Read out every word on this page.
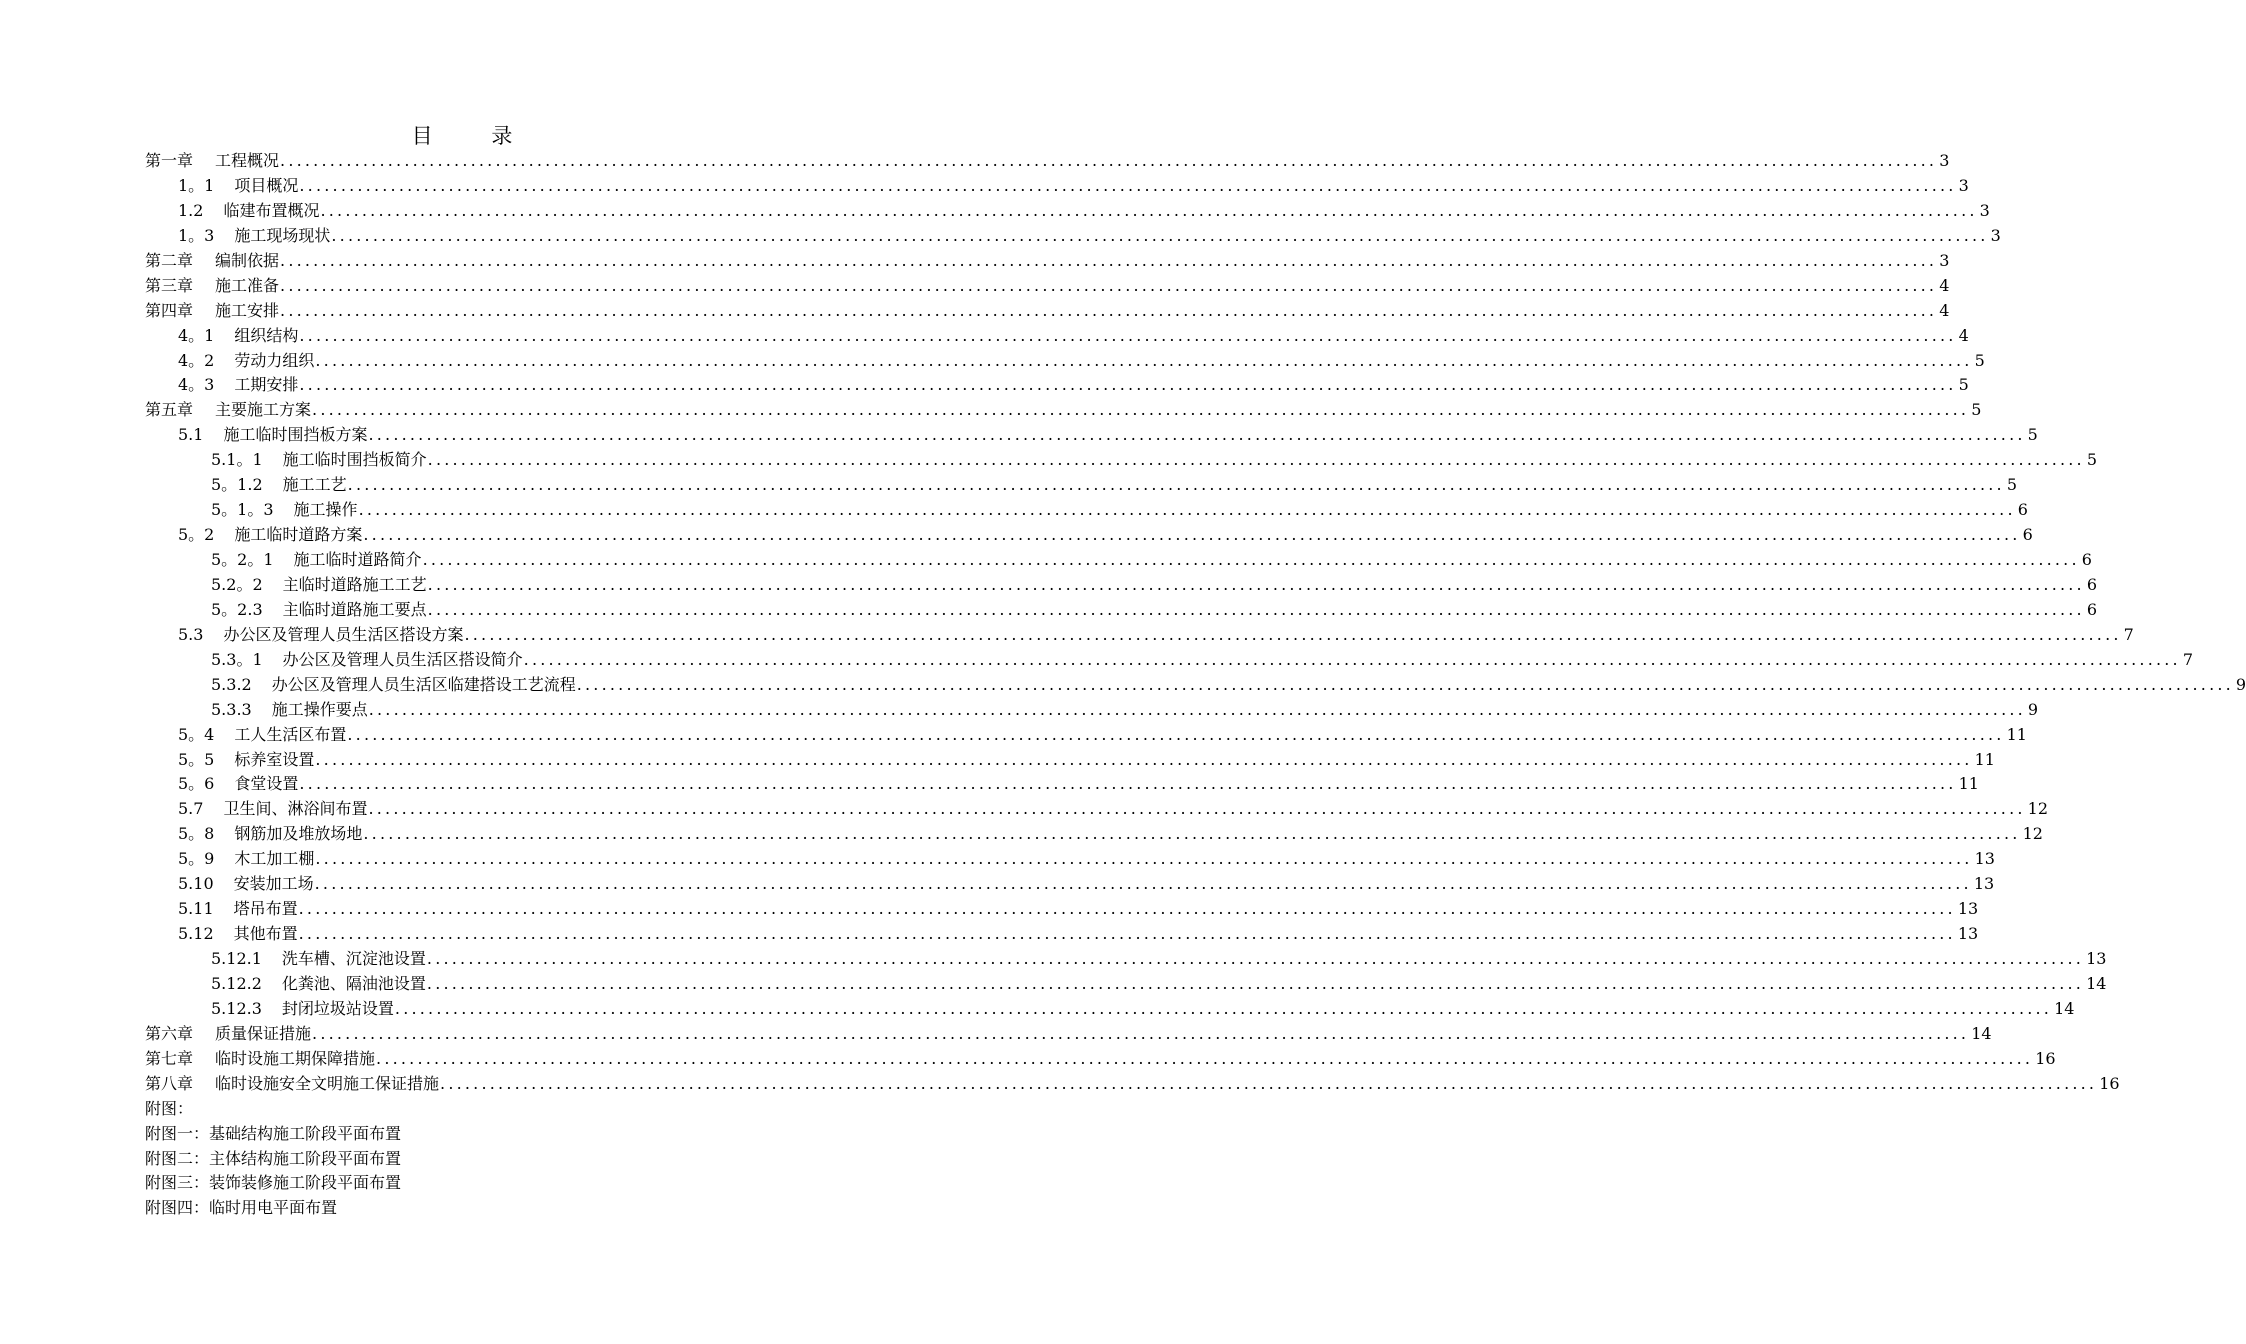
目 录
第一章 工程概况 ........................................................................................................................................................................................................ 3
1。1 项目概况 ........................................................................................................................................................................................................ 3
1.2 临建布置概况 ........................................................................................................................................................................................................ 3
1。3 施工现场现状 ........................................................................................................................................................................................................ 3
第二章 编制依据 ........................................................................................................................................................................................................ 3
第三章 施工准备 ........................................................................................................................................................................................................ 4
第四章 施工安排 ........................................................................................................................................................................................................ 4
4。1 组织结构 ........................................................................................................................................................................................................ 4
4。2 劳动力组织 ........................................................................................................................................................................................................ 5
4。3 工期安排 ........................................................................................................................................................................................................ 5
第五章 主要施工方案 ........................................................................................................................................................................................................ 5
5.1 施工临时围挡板方案 ........................................................................................................................................................................................................ 5
5.1。1 施工临时围挡板简介 ........................................................................................................................................................................................................ 5
5。1.2 施工工艺 ........................................................................................................................................................................................................ 5
5。1。3 施工操作 ........................................................................................................................................................................................................ 6
5。2 施工临时道路方案 ........................................................................................................................................................................................................ 6
5。2。1 施工临时道路简介 ........................................................................................................................................................................................................ 6
5.2。2 主临时道路施工工艺 ........................................................................................................................................................................................................ 6
5。2.3 主临时道路施工要点 ........................................................................................................................................................................................................ 6
5.3 办公区及管理人员生活区搭设方案 ........................................................................................................................................................................................................ 7
5.3。1 办公区及管理人员生活区搭设简介 ........................................................................................................................................................................................................ 7
5.3.2 办公区及管理人员生活区临建搭设工艺流程 ........................................................................................................................................................................................................ 9
5.3.3 施工操作要点 ........................................................................................................................................................................................................ 9
5。4 工人生活区布置 ........................................................................................................................................................................................................ 11
5。5 标养室设置 ........................................................................................................................................................................................................ 11
5。6 食堂设置 ........................................................................................................................................................................................................ 11
5.7 卫生间、淋浴间布置 ........................................................................................................................................................................................................ 12
5。8 钢筋加及堆放场地 ........................................................................................................................................................................................................ 12
5。9 木工加工棚 ........................................................................................................................................................................................................ 13
5.10 安装加工场 ........................................................................................................................................................................................................ 13
5.11 塔吊布置 ........................................................................................................................................................................................................ 13
5.12 其他布置 ........................................................................................................................................................................................................ 13
5.12.1 洗车槽、沉淀池设置 ........................................................................................................................................................................................................ 13
5.12.2 化粪池、隔油池设置 ........................................................................................................................................................................................................ 14
5.12.3 封闭垃圾站设置 ........................................................................................................................................................................................................ 14
第六章 质量保证措施 ........................................................................................................................................................................................................ 14
第七章 临时设施工期保障措施 ........................................................................................................................................................................................................ 16
第八章 临时设施安全文明施工保证措施 ........................................................................................................................................................................................................ 16
附图：
附图一：基础结构施工阶段平面布置
附图二：主体结构施工阶段平面布置
附图三：装饰装修施工阶段平面布置
附图四：临时用电平面布置
